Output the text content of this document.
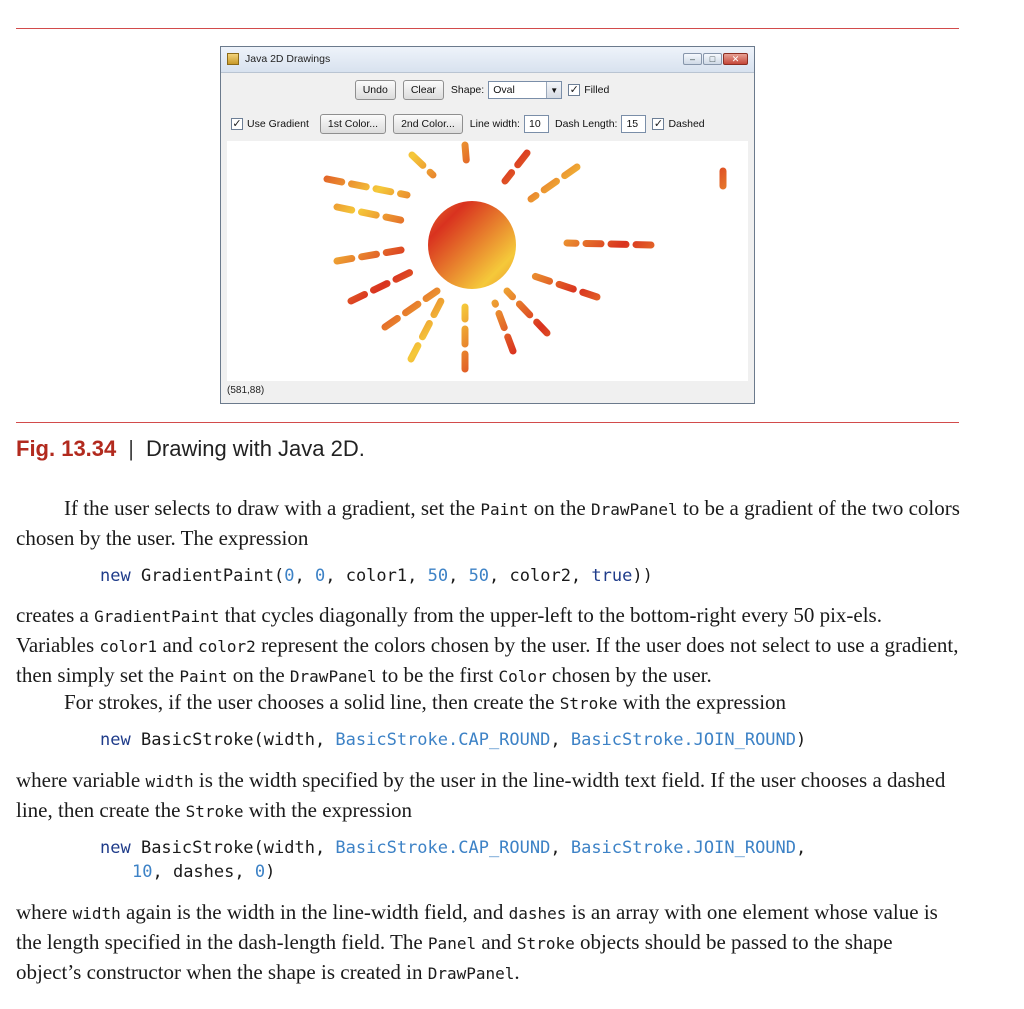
Java 2D Drawings	–	□	✕
Undo	Clear	Shape: Oval	▼ ✓ Filled
✓ Use Gradient	1st Color...	2nd Color...	Line width: 10	Dash Length: 15	✓ Dashed
(581,88)
Fig. 13.34 | Drawing with Java 2D.

If the user selects to draw with a gradient, set the Paint on the DrawPanel to be a gradient of the two colors chosen by the user. The expression

new GradientPaint(0, 0, color1, 50, 50, color2, true))

creates a GradientPaint that cycles diagonally from the upper-left to the bottom-right every 50 pix-els. Variables color1 and color2 represent the colors chosen by the user. If the user does not select to use a gradient, then simply set the Paint on the DrawPanel to be the first Color chosen by the user.

For strokes, if the user chooses a solid line, then create the Stroke with the expression

new BasicStroke(width, BasicStroke.CAP_ROUND, BasicStroke.JOIN_ROUND)

where variable width is the width specified by the user in the line-width text field. If the user chooses a dashed line, then create the Stroke with the expression

new BasicStroke(width, BasicStroke.CAP_ROUND, BasicStroke.JOIN_ROUND,
10, dashes, 0)

where width again is the width in the line-width field, and dashes is an array with one element whose value is the length specified in the dash-length field. The Panel and Stroke objects should be passed to the shape object’s constructor when the shape is created in DrawPanel.
